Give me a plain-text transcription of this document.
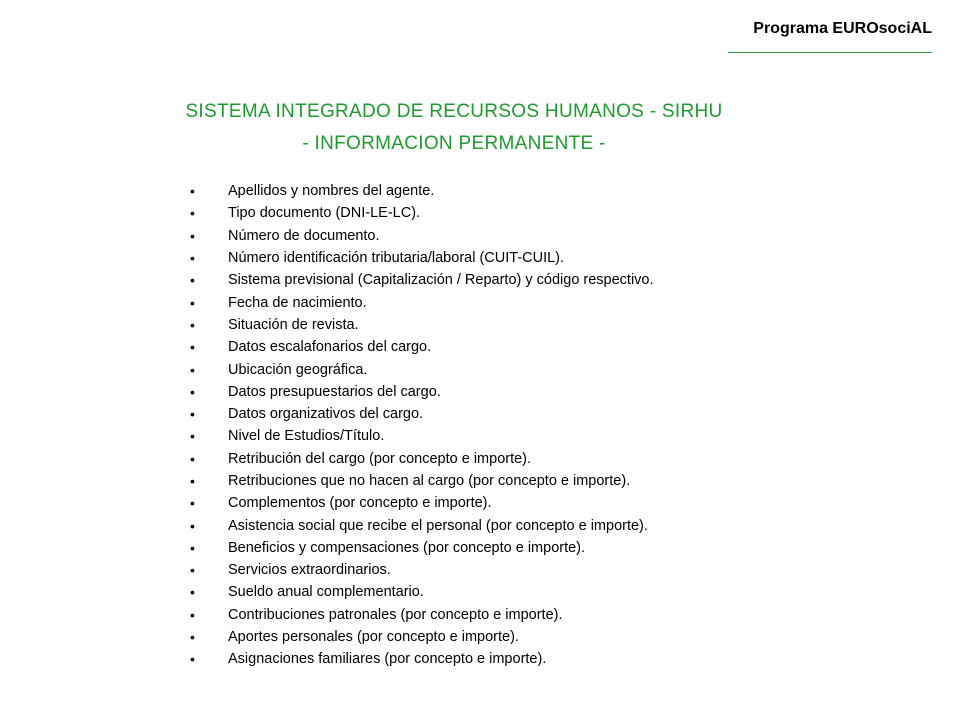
Programa EUROsociAL
SISTEMA INTEGRADO DE RECURSOS HUMANOS - SIRHU
- INFORMACION PERMANENTE -
•	Apellidos y nombres del agente.
•	Tipo documento (DNI-LE-LC).
•	Número de documento.
•	Número identificación tributaria/laboral (CUIT-CUIL).
•	Sistema previsional (Capitalización / Reparto) y código respectivo.
•	Fecha de nacimiento.
•	Situación de revista.
•	Datos escalafonarios del cargo.
•	Ubicación geográfica.
•	Datos presupuestarios del cargo.
•	Datos organizativos del cargo.
•	Nivel de Estudios/Título.
•	Retribución del cargo (por concepto e importe).
•	Retribuciones que no hacen al cargo (por concepto e importe).
•	Complementos (por concepto e importe).
•	Asistencia social que recibe el personal (por concepto e importe).
•	Beneficios y compensaciones (por concepto e importe).
•	Servicios extraordinarios.
•	Sueldo anual complementario.
•	Contribuciones patronales (por concepto e importe).
•	Aportes personales (por concepto e importe).
•	Asignaciones familiares (por concepto e importe).
